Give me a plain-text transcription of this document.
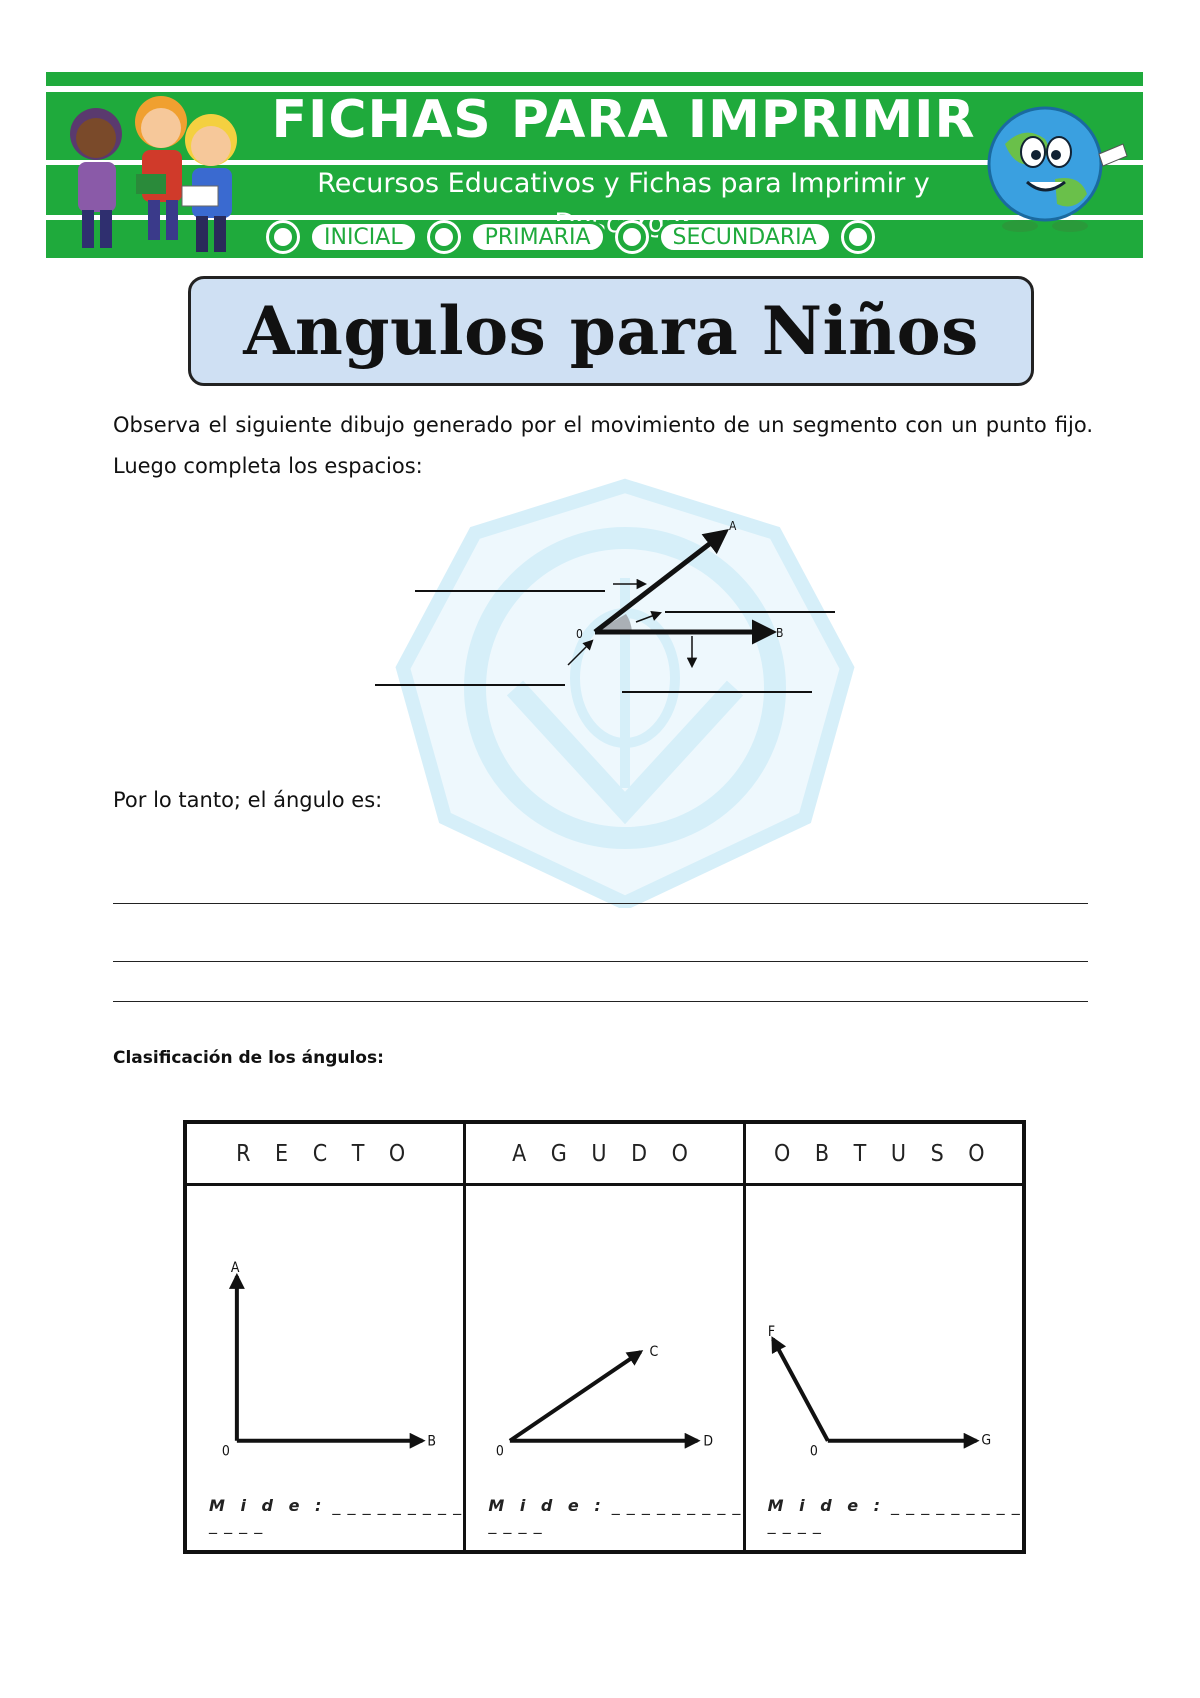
FICHAS PARA IMPRIMIR
Recursos Educativos y Fichas para Imprimir y
INICIAL	PRIMARIA	SECUNDARIA
Angulos para Niños

Observa el siguiente dibujo generado por el movimiento de un segmento con un punto fijo. Luego completa los espacios:

0
A
B

Por lo tanto; el ángulo es:

Clasificación de los ángulos:

R E C T O
0
A
B
M i d e : _ _ _ _ _ _ _ _ _ _ _ _ _
A G U D O
0
C
D
M i d e : _ _ _ _ _ _ _ _ _ _ _ _ _
O B T U S O
0
F
G
M i d e : _ _ _ _ _ _ _ _ _ _ _ _ _
